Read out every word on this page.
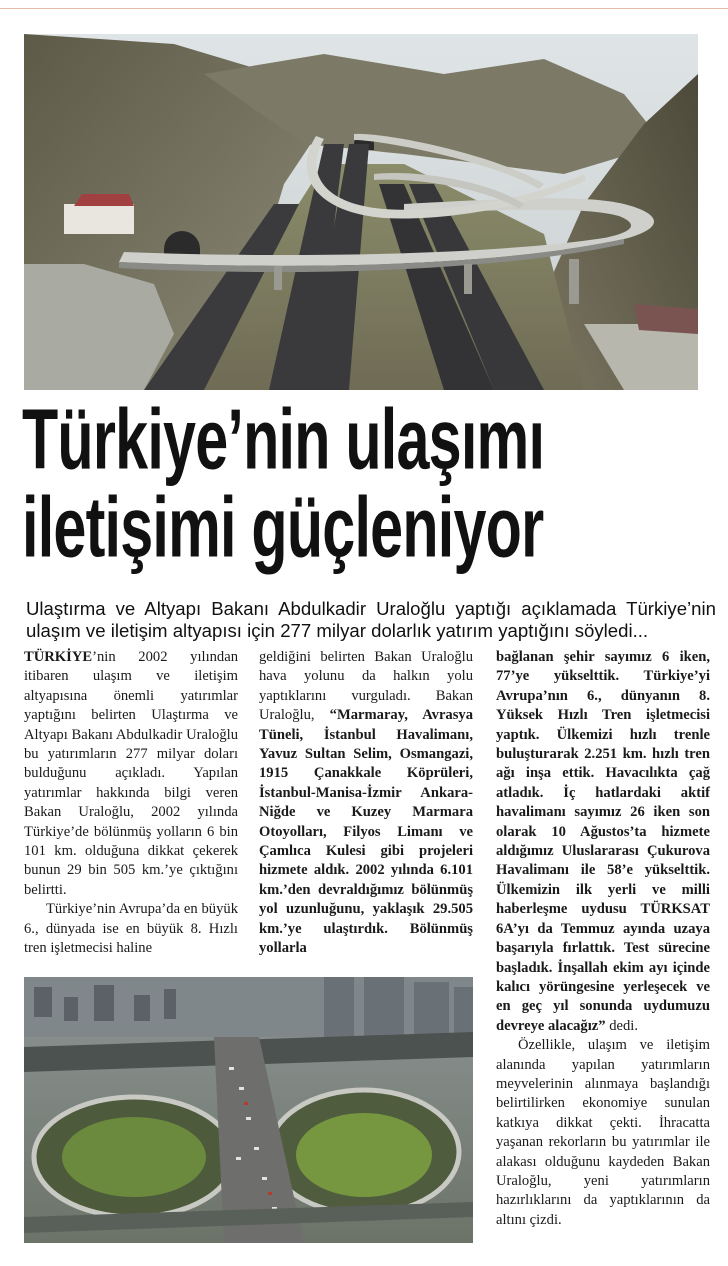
Türkiye’nin ulaşımı
iletişimi güçleniyor

Ulaştırma ve Altyapı Bakanı Abdulkadir Uraloğlu yaptığı açıklamada Türkiye’nin ulaşım ve iletişim altyapısı için 277 milyar dolarlık yatırım yaptığını söyledi...

TÜRKİYE’nin 2002 yılından itibaren ulaşım ve iletişim altyapısına önemli yatırımlar yaptığını belirten Ulaştırma ve Altyapı Bakanı Abdulkadir Uraloğlu bu yatırımların 277 milyar doları bulduğunu açıkladı. Yapılan yatırımlar hakkında bilgi veren Bakan Uraloğlu, 2002 yılında Türkiye’de bölünmüş yolların 6 bin 101 km. olduğuna dikkat çekerek bunun 29 bin 505 km.’ye çıktığını belirtti.

Türkiye’nin Avrupa’da en büyük 6., dünyada ise en büyük 8. Hızlı tren işletmecisi haline

geldiğini belirten Bakan Uraloğlu hava yolunu da halkın yolu yaptıklarını vurguladı. Bakan Uraloğlu, “Marmaray, Avrasya Tüneli, İstanbul Havalimanı, Yavuz Sultan Selim, Osmangazi, 1915 Çanakkale Köprüleri, İstanbul-Manisa-İzmir Ankara-Niğde ve Kuzey Marmara Otoyolları, Filyos Limanı ve Çamlıca Kulesi gibi projeleri hizmete aldık. 2002 yılında 6.101 km.’den devraldığımız bölünmüş yol uzunluğunu, yaklaşık 29.505 km.’ye ulaştırdık. Bölünmüş yollarla

bağlanan şehir sayımız 6 iken, 77’ye yükselttik. Türkiye’yi Avrupa’nın 6., dünyanın 8. Yüksek Hızlı Tren işletmecisi yaptık. Ülkemizi hızlı trenle buluşturarak 2.251 km. hızlı tren ağı inşa ettik. Havacılıkta çağ atladık. İç hatlardaki aktif havalimanı sayımız 26 iken son olarak 10 Ağustos’ta hizmete aldığımız Uluslararası Çukurova Havalimanı ile 58’e yükselttik. Ülkemizin ilk yerli ve milli haberleşme uydusu TÜRKSAT 6A’yı da Temmuz ayında uzaya başarıyla fırlattık. Test sürecine başladık. İnşallah ekim ayı içinde kalıcı yörüngesine yerleşecek ve en geç yıl sonunda uydumuzu devreye alacağız” dedi.

Özellikle, ulaşım ve iletişim alanında yapılan yatırımların meyvelerinin alınmaya başlandığı belirtilirken ekonomiye sunulan katkıya dikkat çekti. İhracatta yaşanan rekorların bu yatırımlar ile alakası olduğunu kaydeden Bakan Uraloğlu, yeni yatırımların hazırlıklarını da yaptıklarının da altını çizdi.
